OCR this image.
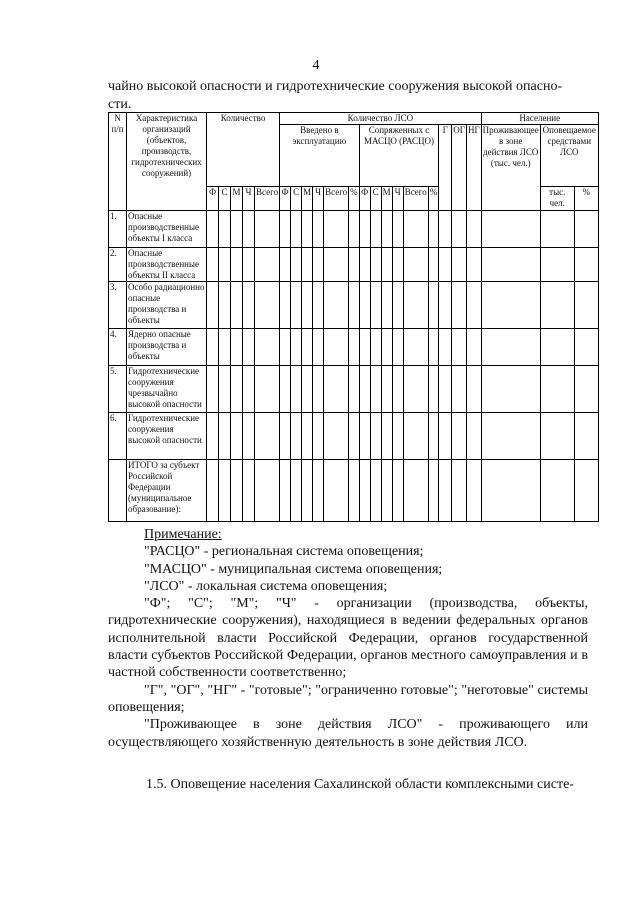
4
чайно высокой опасности и гидротехнические сооружения высокой опасно-
сти.
N п/п	Характеристика организаций (объектов, производств, гидротехнических сооружений)	Количество					Количество ЛСО															Население		
							Введено в эксплуатацию						Сопряженных с МАСЦО (РАСЦО)						Г	ОГ	НГ	Проживающее в зоне действия ЛСО (тыс. чел.)	Оповещаемое средствами ЛСО	
		Ф	С	М	Ч	Всего	Ф	С	М	Ч	Всего	%	Ф	С	М	Ч	Всего	%					тыс. чел.	%
1.	Опасные производственные объекты I класса																							
2.	Опасные производственные объекты II класса																							
3.	Особо радиационно опасные производства и объекты																							
4.	Ядерно опасные производства и объекты																							
5.	Гидротехнические сооружения чрезвычайно высокой опасности																							
6.	Гидротехнические сооружения высокой опасности																							
	ИТОГО за субъект Российской Федерации (муниципальное образование):																							

Примечание:

"РАСЦО" - региональная система оповещения;

"МАСЦО" - муниципальная система оповещения;

"ЛСО" - локальная система оповещения;

"Ф"; "С"; "М"; "Ч" - организации (производства, объекты, гидротехнические сооружения), находящиеся в ведении федеральных органов исполнительной власти Российской Федерации, органов государственной власти субъектов Российской Федерации, органов местного самоуправления и в частной собственности соответственно;

"Г", "ОГ", "НГ" - "готовые"; "ограниченно готовые"; "неготовые" системы оповещения;

"Проживающее в зоне действия ЛСО" - проживающего или осуществляющего хозяйственную деятельность в зоне действия ЛСО.

1.5. Оповещение населения Сахалинской области комплексными систе-
